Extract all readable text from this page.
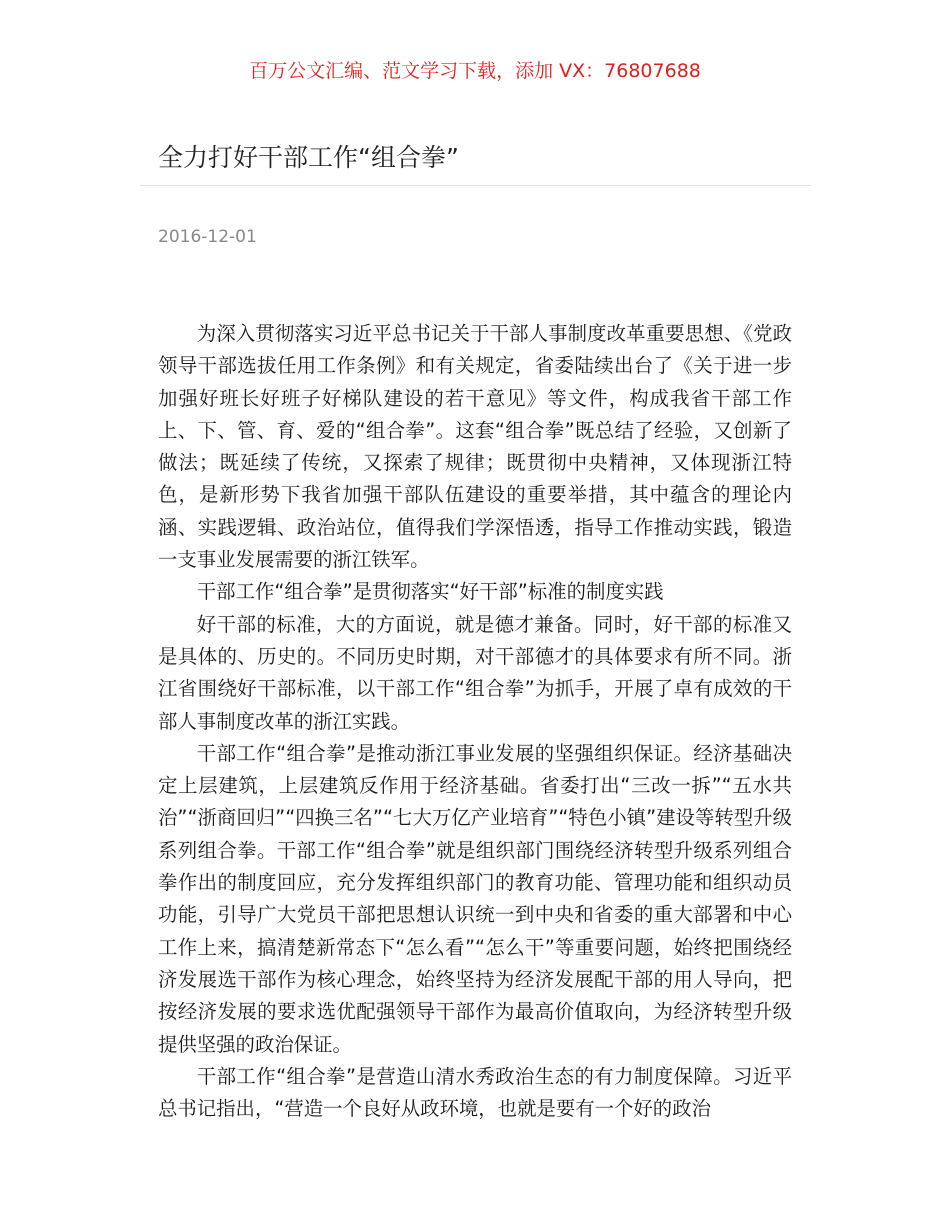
百万公文汇编、范文学习下载，添加 VX：76807688
全力打好干部工作“组合拳”
2016-12-01

为深入贯彻落实习近平总书记关于干部人事制度改革重要思想、《党政领导干部选拔任用工作条例》和有关规定，省委陆续出台了《关于进一步加强好班长好班子好梯队建设的若干意见》等文件，构成我省干部工作上、下、管、育、爱的“组合拳”。这套“组合拳”既总结了经验，又创新了做法；既延续了传统，又探索了规律；既贯彻中央精神，又体现浙江特色，是新形势下我省加强干部队伍建设的重要举措，其中蕴含的理论内涵、实践逻辑、政治站位，值得我们学深悟透，指导工作推动实践，锻造一支事业发展需要的浙江铁军。

干部工作“组合拳”是贯彻落实“好干部”标准的制度实践

好干部的标准，大的方面说，就是德才兼备。同时，好干部的标准又是具体的、历史的。不同历史时期，对干部德才的具体要求有所不同。浙江省围绕好干部标准，以干部工作“组合拳”为抓手，开展了卓有成效的干部人事制度改革的浙江实践。

干部工作“组合拳”是推动浙江事业发展的坚强组织保证。经济基础决定上层建筑，上层建筑反作用于经济基础。省委打出“三改一拆”“五水共治”“浙商回归”“四换三名”“七大万亿产业培育”“特色小镇”建设等转型升级系列组合拳。干部工作“组合拳”就是组织部门围绕经济转型升级系列组合拳作出的制度回应，充分发挥组织部门的教育功能、管理功能和组织动员功能，引导广大党员干部把思想认识统一到中央和省委的重大部署和中心工作上来，搞清楚新常态下“怎么看”“怎么干”等重要问题，始终把围绕经济发展选干部作为核心理念，始终坚持为经济发展配干部的用人导向，把按经济发展的要求选优配强领导干部作为最高价值取向，为经济转型升级提供坚强的政治保证。

干部工作“组合拳”是营造山清水秀政治生态的有力制度保障。习近平总书记指出，“营造一个良好从政环境，也就是要有一个好的政治
